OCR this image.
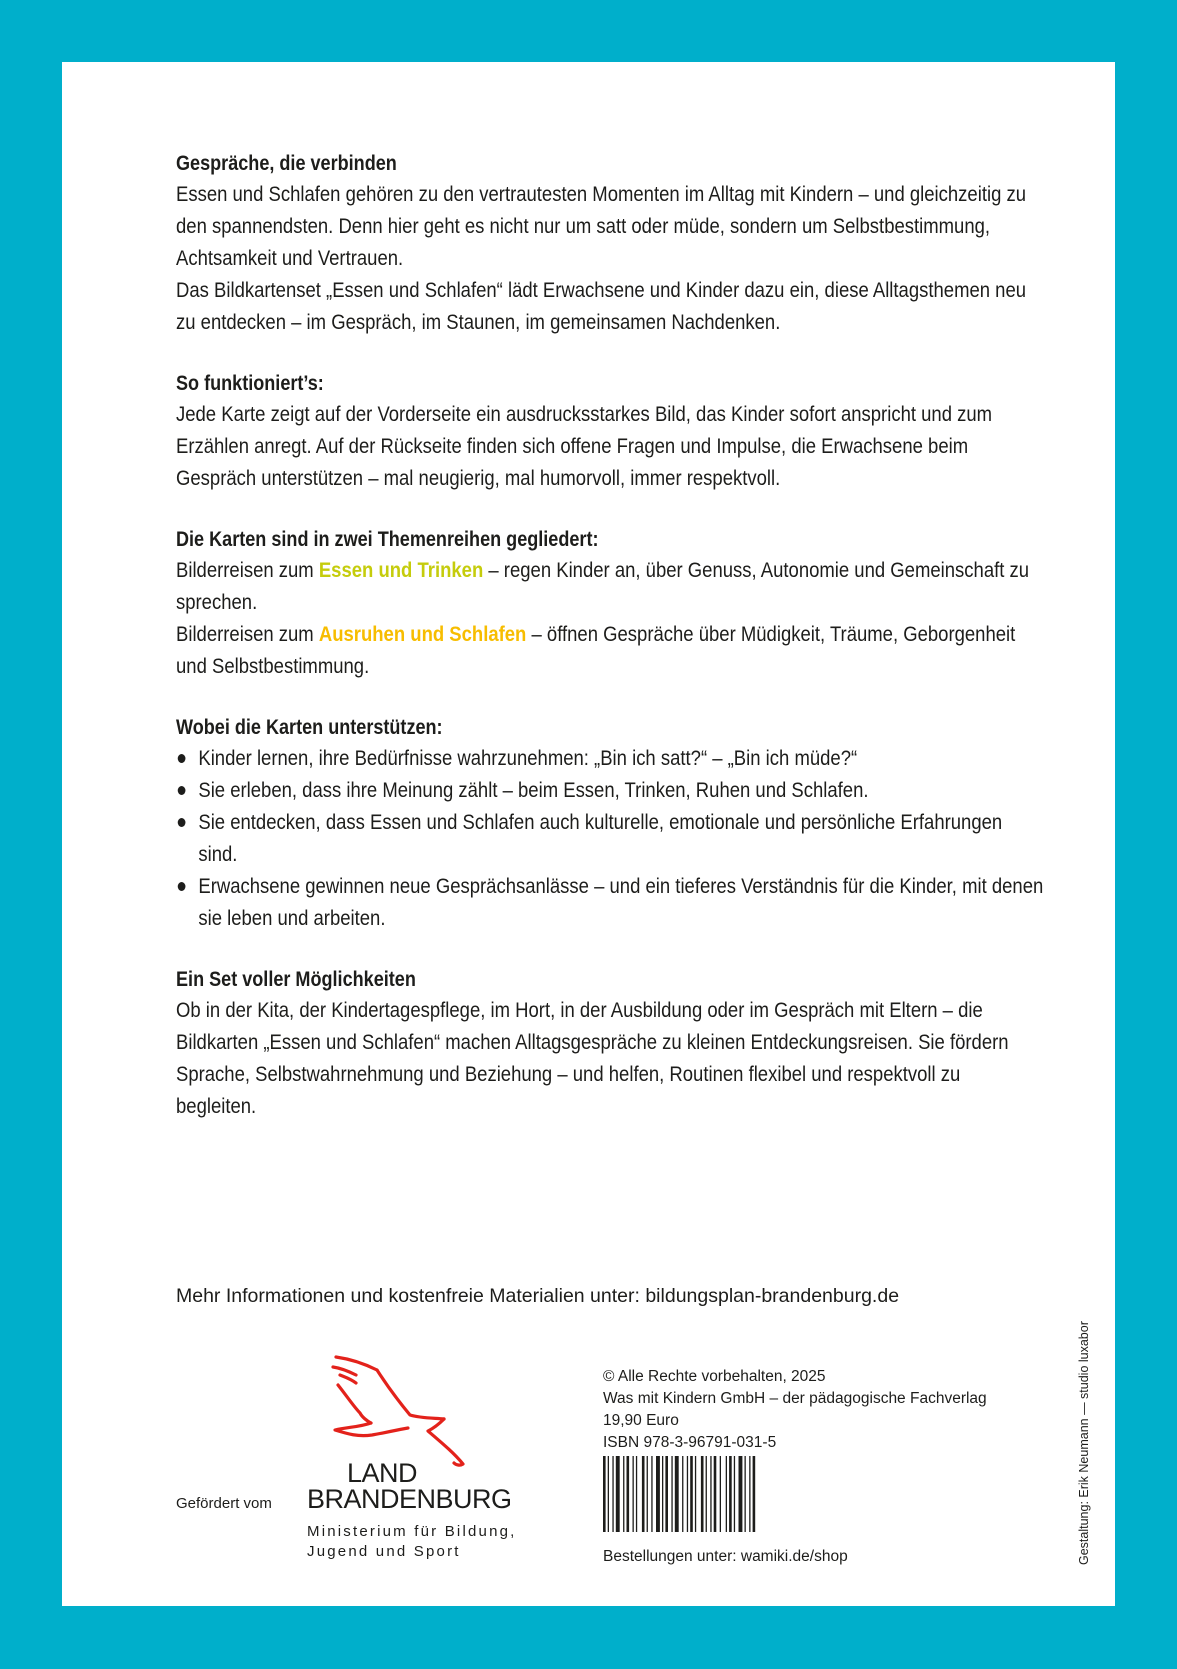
Gespräche, die verbinden

Essen und Schlafen gehören zu den vertrautesten Momenten im Alltag mit Kindern – und gleichzeitig zu den spannendsten. Denn hier geht es nicht nur um satt oder müde, sondern um Selbstbestimmung, Achtsamkeit und Vertrauen.

Das Bildkartenset „Essen und Schlafen“ lädt Erwachsene und Kinder dazu ein, diese Alltagsthemen neu zu entdecken – im Gespräch, im Staunen, im gemeinsamen Nachdenken.

So funktioniert’s:

Jede Karte zeigt auf der Vorderseite ein ausdrucksstarkes Bild, das Kinder sofort anspricht und zum Erzählen anregt. Auf der Rückseite finden sich offene Fragen und Impulse, die Erwachsene beim Gespräch unterstützen – mal neugierig, mal humorvoll, immer respektvoll.

Die Karten sind in zwei Themenreihen gegliedert:

Bilderreisen zum Essen und Trinken – regen Kinder an, über Genuss, Autonomie und Gemeinschaft zu sprechen.

Bilderreisen zum Ausruhen und Schlafen – öffnen Gespräche über Müdigkeit, Träume, Geborgenheit und Selbstbestimmung.

Wobei die Karten unterstützen:

Kinder lernen, ihre Bedürfnisse wahrzunehmen: „Bin ich satt?“ – „Bin ich müde?“
Sie erleben, dass ihre Meinung zählt – beim Essen, Trinken, Ruhen und Schlafen.
Sie entdecken, dass Essen und Schlafen auch kulturelle, emotionale und persönliche Erfahrungen sind.
Erwachsene gewinnen neue Gesprächsanlässe – und ein tieferes Verständnis für die Kinder, mit denen sie leben und arbeiten.

Ein Set voller Möglichkeiten

Ob in der Kita, der Kindertagespflege, im Hort, in der Ausbildung oder im Gespräch mit Eltern – die Bildkarten „Essen und Schlafen“ machen Alltagsgespräche zu kleinen Entdeckungsreisen. Sie fördern Sprache, Selbstwahrnehmung und Beziehung – und helfen, Routinen flexibel und respektvoll zu begleiten.

Mehr Informationen und kostenfreie Materialien unter: bildungsplan-brandenburg.de
Gefördert vom
LAND
BRANDENBURG
Ministerium für Bildung,
Jugend und Sport
© Alle Rechte vorbehalten, 2025
Was mit Kindern GmbH – der pädagogische Fachverlag
19,90 Euro
ISBN 978-3-96791-031-5
Bestellungen unter: wamiki.de/shop	Gestaltung: Erik Neumann — studio luxabor
